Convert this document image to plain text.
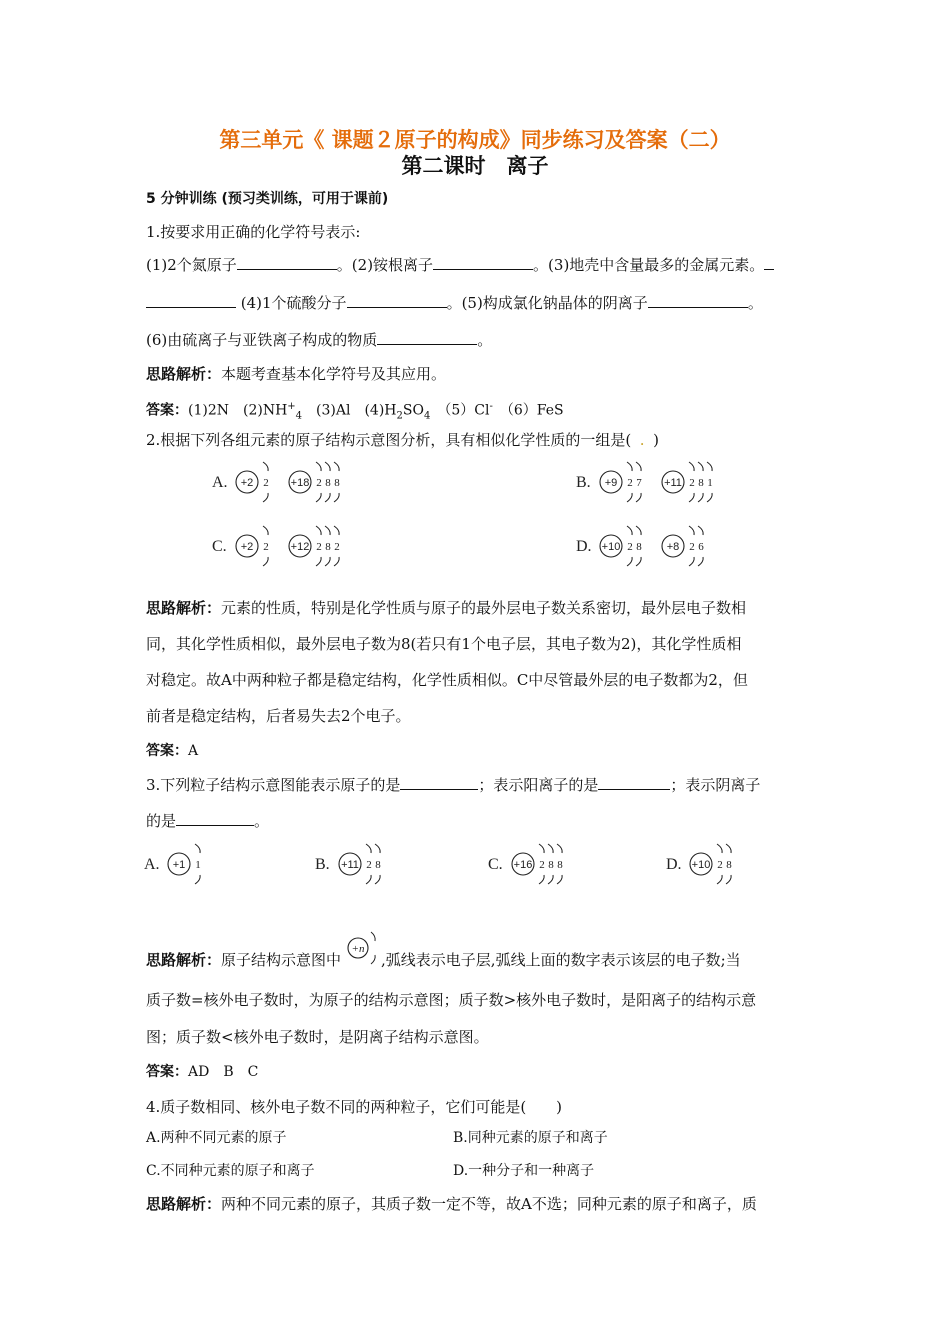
第三单元《 课题２原子的构成》同步练习及答案（二）
第二课时　离子
5 分钟训练 (预习类训练，可用于课前)
1.按要求用正确的化学符号表示:
(1)2个氮原子	。(2)铵根离子	。(3)地壳中含量最多的金属元素。
(4)1个硫酸分子	。(5)构成氯化钠晶体的阴离子	。
(6)由硫离子与亚铁离子构成的物质	。
思路解析：本题考查基本化学符号及其应用。
答案：(1)2N　$(2)NH^+_4$　(3)Al　$(4)H_2SO_4$　（5）Cl-　（6）FeS
2.根据下列各组元素的原子结构示意图分析，具有相似化学性质的一组是( . )
A. +2 2 +18 2 8 8	B. +9 2 7 +11 2 8 1
C. +2 2 +12 2 8 2	D. +10 2 8 +8 2 6
思路解析：元素的性质，特别是化学性质与原子的最外层电子数关系密切，最外层电子数相
同，其化学性质相似，最外层电子数为8(若只有1个电子层，其电子数为2)，其化学性质相
对稳定。故A中两种粒子都是稳定结构，化学性质相似。C中尽管最外层的电子数都为2，但
前者是稳定结构，后者易失去2个电子。
答案：A
3.下列粒子结构示意图能表示原子的是	；表示阳离子的是	；表示阴离子
的是	。
A. +1 1	B. +11 2 8	C. +16 2 8 8	D. +10 2 8
思路解析：原子结构示意图中
+n
,弧线表示电子层,弧线上面的数字表示该层的电子数;当
质子数=核外电子数时，为原子的结构示意图；质子数>核外电子数时，是阳离子的结构示意
图；质子数<核外电子数时，是阴离子结构示意图。
答案：AD　B　C
4.质子数相同、核外电子数不同的两种粒子，它们可能是(　　)
A.两种不同元素的原子	B.同种元素的原子和离子
C.不同种元素的原子和离子	D.一种分子和一种离子
思路解析：两种不同元素的原子，其质子数一定不等，故A不选；同种元素的原子和离子，质
